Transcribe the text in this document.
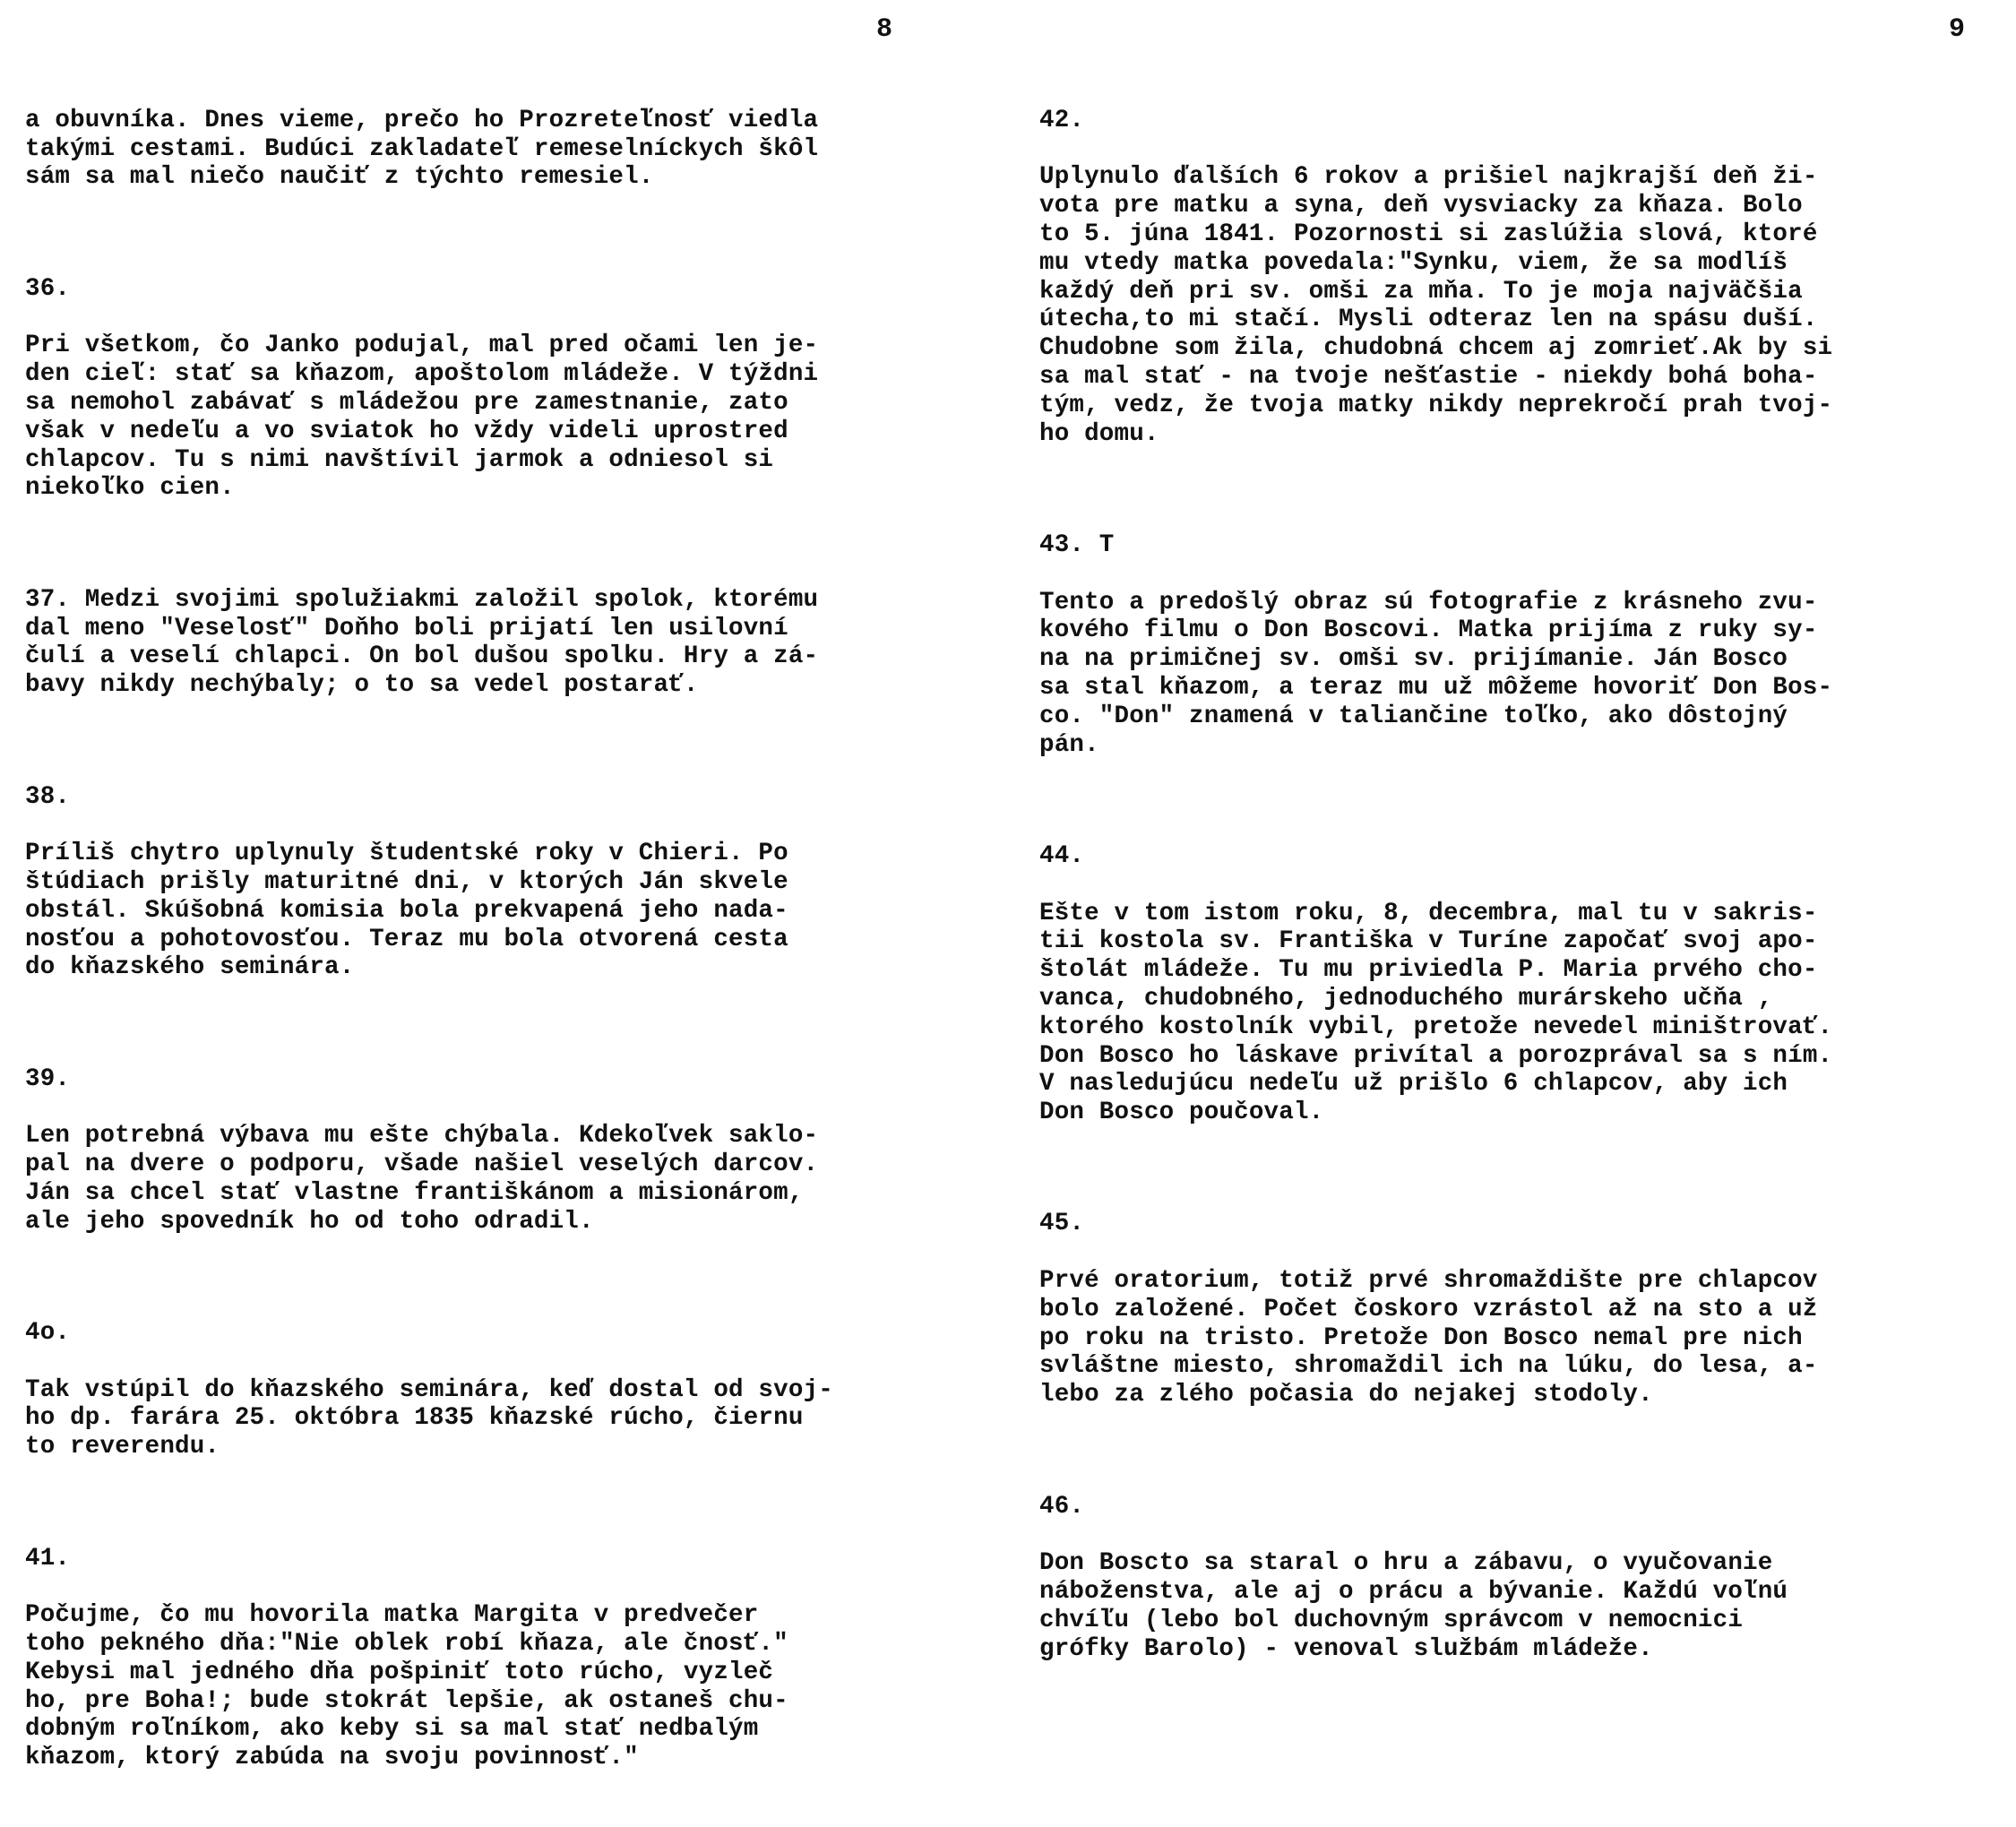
8	9

a obuvníka. Dnes vieme, prečo ho Prozreteľnosť viedla
takými cestami. Budúci zakladateľ remeselníckych škôl
sám sa mal niečo naučiť z týchto remesiel.

36.

Pri všetkom, čo Janko podujal, mal pred očami len je-
den cieľ: stať sa kňazom, apoštolom mládeže. V týždni
sa nemohol zabávať s mládežou pre zamestnanie, zato
však v nedeľu a vo sviatok ho vždy videli uprostred
chlapcov. Tu s nimi navštívil jarmok a odniesol si
niekoľko cien.

37. Medzi svojimi spolužiakmi založil spolok, ktorému
dal meno "Veselosť" Doňho boli prijatí len usilovní
čulí a veselí chlapci. On bol dušou spolku. Hry a zá-
bavy nikdy nechýbaly; o to sa vedel postarať.

38.

Príliš chytro uplynuly študentské roky v Chieri. Po
štúdiach prišly maturitné dni, v ktorých Ján skvele
obstál. Skúšobná komisia bola prekvapená jeho nada-
nosťou a pohotovosťou. Teraz mu bola otvorená cesta
do kňazského seminára.

39.

Len potrebná výbava mu ešte chýbala. Kdekoľvek saklo-
pal na dvere o podporu, všade našiel veselých darcov.
Ján sa chcel stať vlastne františkánom a misionárom,
ale jeho spovedník ho od toho odradil.

4o.

Tak vstúpil do kňazského seminára, keď dostal od svoj-
ho dp. farára 25. októbra 1835 kňazské rúcho, čiernu
to reverendu.

41.

Počujme, čo mu hovorila matka Margita v predvečer
toho pekného dňa:"Nie oblek robí kňaza, ale čnosť."
Kebysi mal jedného dňa pošpiniť toto rúcho, vyzleč
ho, pre Boha!; bude stokrát lepšie, ak ostaneš chu-
dobným roľníkom, ako keby si sa mal stať nedbalým
kňazom, ktorý zabúda na svoju povinnosť."

42.

Uplynulo ďalších 6 rokov a prišiel najkrajší deň ži-
vota pre matku a syna, deň vysviacky za kňaza. Bolo
to 5. júna 1841. Pozornosti si zaslúžia slová, ktoré
mu vtedy matka povedala:"Synku, viem, že sa modlíš
každý deň pri sv. omši za mňa. To je moja najväčšia
útecha,to mi stačí. Mysli odteraz len na spásu duší.
Chudobne som žila, chudobná chcem aj zomrieť.Ak by si
sa mal stať - na tvoje nešťastie - niekdy bohá boha-
tým, vedz, že tvoja matky nikdy neprekročí prah tvoj-
ho domu.

43. T

Tento a predošlý obraz sú fotografie z krásneho zvu-
kového filmu o Don Boscovi. Matka prijíma z ruky sy-
na na primičnej sv. omši sv. prijímanie. Ján Bosco
sa stal kňazom, a teraz mu už môžeme hovoriť Don Bos-
co. "Don" znamená v taliančine toľko, ako dôstojný
pán.

44.

Ešte v tom istom roku, 8, decembra, mal tu v sakris-
tii kostola sv. Františka v Turíne započať svoj apo-
štolát mládeže. Tu mu priviedla P. Maria prvého cho-
vanca, chudobného, jednoduchého murárskeho učňa ,
ktorého kostolník vybil, pretože nevedel miništrovať.
Don Bosco ho láskave privítal a porozprával sa s ním.
V nasledujúcu nedeľu už prišlo 6 chlapcov, aby ich
Don Bosco poučoval.

45.

Prvé oratorium, totiž prvé shromaždište pre chlapcov
bolo založené. Počet čoskoro vzrástol až na sto a už
po roku na tristo. Pretože Don Bosco nemal pre nich
svláštne miesto, shromaždil ich na lúku, do lesa, a-
lebo za zlého počasia do nejakej stodoly.

46.

Don Boscto sa staral o hru a zábavu, o vyučovanie
náboženstva, ale aj o prácu a bývanie. Každú voľnú
chvíľu (lebo bol duchovným správcom v nemocnici
grófky Barolo) - venoval službám mládeže.
